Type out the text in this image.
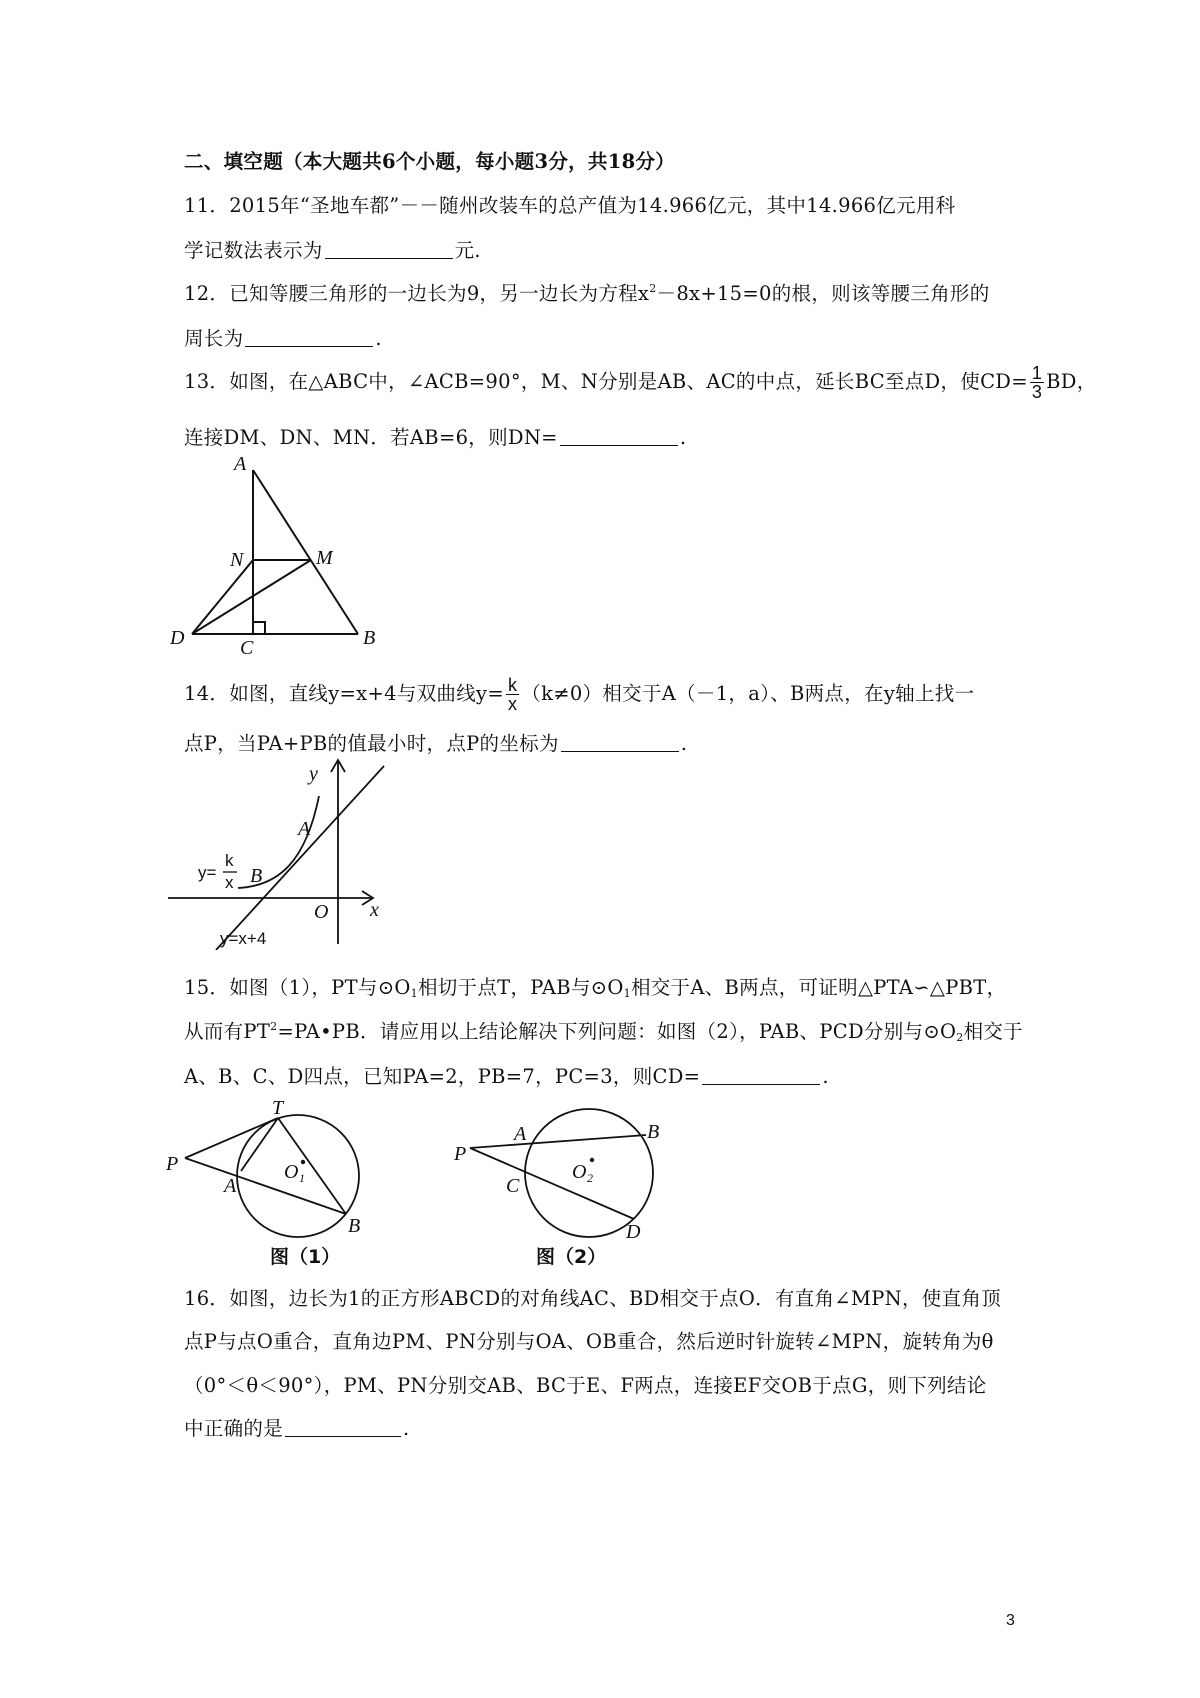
二、填空题（本大题共6个小题，每小题3分，共18分）
11．2015年“圣地车都”－－随州改装车的总产值为14.966亿元，其中14.966亿元用科
学记数法表示为	元.
12．已知等腰三角形的一边长为9，另一边长为方程$x^2-8x+15=0$的根，则该等腰三角形的
周长为	.
13．如图，在△ABC中，∠ACB=90°，M、N分别是AB、AC的中点，延长BC至点D，使$CD= \frac{1}{3}$ BD，
连接DM、DN、MN．若AB=6，则DN=	.
A
N	M
D	C	B
14．如图，直线y=x+4与双曲线$y= \frac{k}{x} (k\ne 0)$相交于A（－1，a）、B两点，在y轴上找一
点P，当PA+PB的值最小时，点P的坐标为	.
y
x
O
A
B
y=
k
x
y=x+4
15．如图（1），PT与$⊙O_1$相切于点T，PAB与$⊙O_1$相交于A、B两点，可证明△PTA∽△PBT，
从而有$PT^2=PA•PB$．请应用以上结论解决下列问题：如图（2），PAB、PCD分别与$⊙O_2$相交于
A、B、C、D四点，已知PA=2，PB=7，PC=3，则CD=	.
T
P
A
B
O 1
图（1）
P
A	B
C
D
O 2
图（2）
16．如图，边长为1的正方形ABCD的对角线AC、BD相交于点O．有直角∠MPN，使直角顶
点P与点O重合，直角边PM、PN分别与OA、OB重合，然后逆时针旋转∠MPN，旋转角为θ
（0°＜θ＜90°），PM、PN分别交AB、BC于E、F两点，连接EF交OB于点G，则下列结论
中正确的是	.
3
